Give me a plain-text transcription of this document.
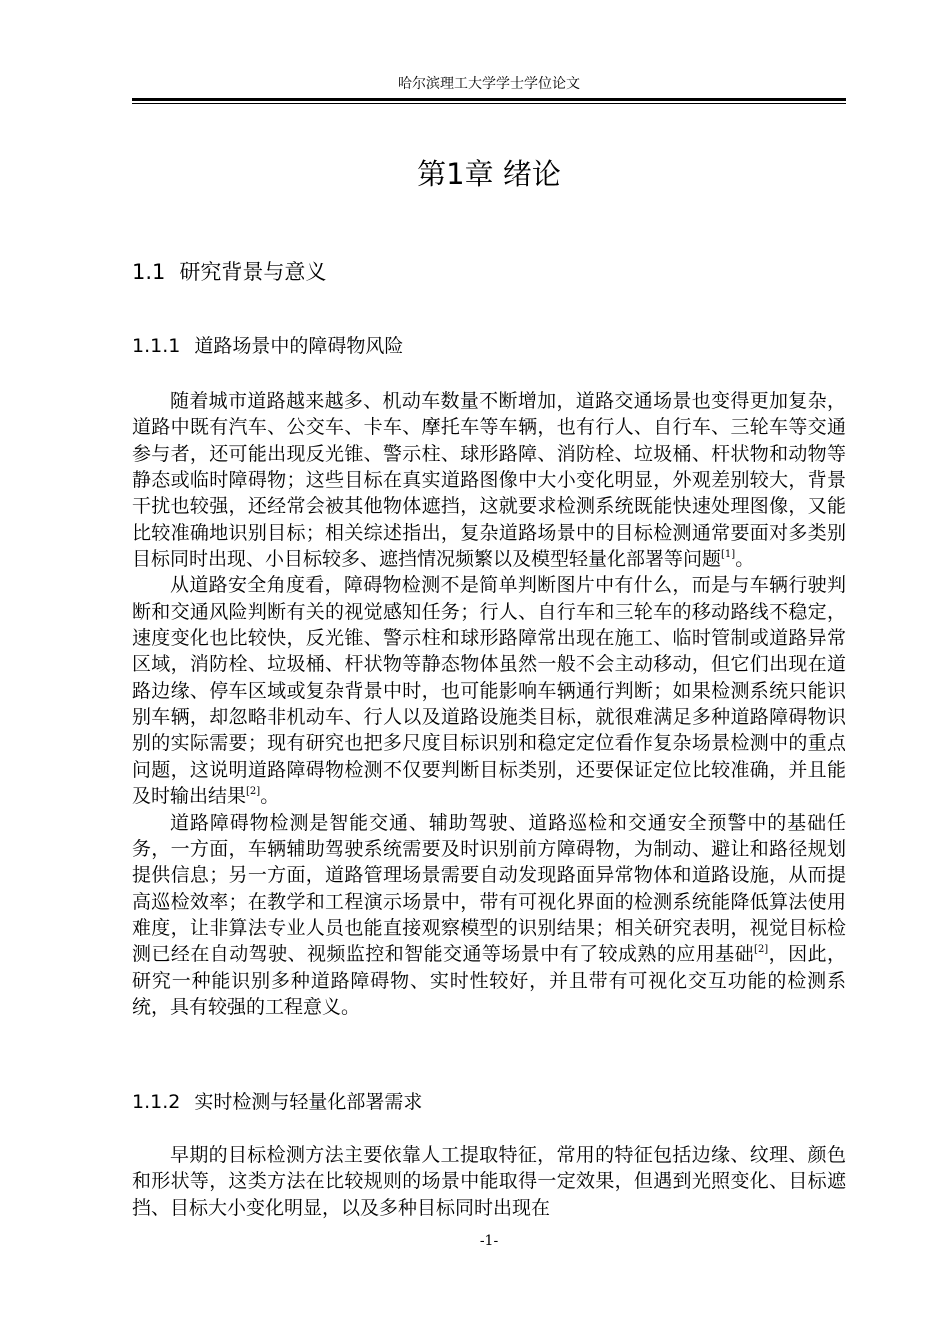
哈尔滨理工大学学士学位论文
第1章 绪论
1.1 研究背景与意义
1.1.1 道路场景中的障碍物风险

随着城市道路越来越多、机动车数量不断增加，道路交通场景也变得更加复杂，道路中既有汽车、公交车、卡车、摩托车等车辆，也有行人、自行车、三轮车等交通参与者，还可能出现反光锥、警示柱、球形路障、消防栓、垃圾桶、杆状物和动物等静态或临时障碍物；这些目标在真实道路图像中大小变化明显，外观差别较大，背景干扰也较强，还经常会被其他物体遮挡，这就要求检测系统既能快速处理图像，又能比较准确地识别目标；相关综述指出，复杂道路场景中的目标检测通常要面对多类别目标同时出现、小目标较多、遮挡情况频繁以及模型轻量化部署等问题[1]。

从道路安全角度看，障碍物检测不是简单判断图片中有什么，而是与车辆行驶判断和交通风险判断有关的视觉感知任务；行人、自行车和三轮车的移动路线不稳定，速度变化也比较快，反光锥、警示柱和球形路障常出现在施工、临时管制或道路异常区域，消防栓、垃圾桶、杆状物等静态物体虽然一般不会主动移动，但它们出现在道路边缘、停车区域或复杂背景中时，也可能影响车辆通行判断；如果检测系统只能识别车辆，却忽略非机动车、行人以及道路设施类目标，就很难满足多种道路障碍物识别的实际需要；现有研究也把多尺度目标识别和稳定定位看作复杂场景检测中的重点问题，这说明道路障碍物检测不仅要判断目标类别，还要保证定位比较准确，并且能及时输出结果[2]。

道路障碍物检测是智能交通、辅助驾驶、道路巡检和交通安全预警中的基础任务，一方面，车辆辅助驾驶系统需要及时识别前方障碍物，为制动、避让和路径规划提供信息；另一方面，道路管理场景需要自动发现路面异常物体和道路设施，从而提高巡检效率；在教学和工程演示场景中，带有可视化界面的检测系统能降低算法使用难度，让非算法专业人员也能直接观察模型的识别结果；相关研究表明，视觉目标检测已经在自动驾驶、视频监控和智能交通等场景中有了较成熟的应用基础[2]，因此，研究一种能识别多种道路障碍物、实时性较好，并且带有可视化交互功能的检测系统，具有较强的工程意义。

1.1.2 实时检测与轻量化部署需求

早期的目标检测方法主要依靠人工提取特征，常用的特征包括边缘、纹理、颜色和形状等，这类方法在比较规则的场景中能取得一定效果，但遇到光照变化、目标遮挡、目标大小变化明显，以及多种目标同时出现在

-1-
